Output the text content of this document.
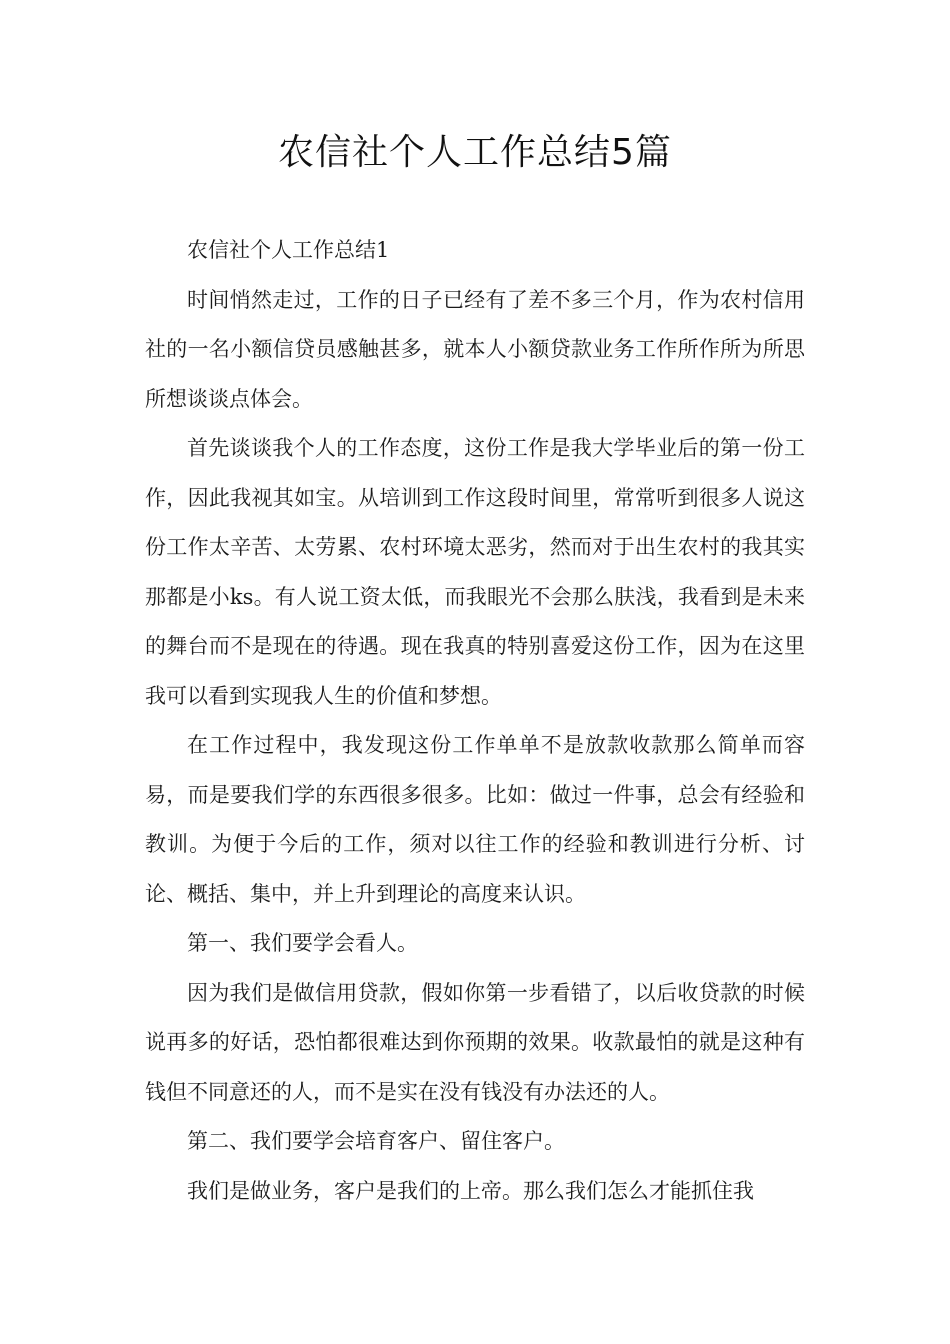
农信社个人工作总结5篇

农信社个人工作总结1

时间悄然走过，工作的日子已经有了差不多三个月，作为农村信用社的一名小额信贷员感触甚多，就本人小额贷款业务工作所作所为所思所想谈谈点体会。

首先谈谈我个人的工作态度，这份工作是我大学毕业后的第一份工作，因此我视其如宝。从培训到工作这段时间里，常常听到很多人说这份工作太辛苦、太劳累、农村环境太恶劣，然而对于出生农村的我其实那都是小ks。有人说工资太低，而我眼光不会那么肤浅，我看到是未来的舞台而不是现在的待遇。现在我真的特别喜爱这份工作，因为在这里我可以看到实现我人生的价值和梦想。

在工作过程中，我发现这份工作单单不是放款收款那么简单而容易，而是要我们学的东西很多很多。比如：做过一件事，总会有经验和教训。为便于今后的工作，须对以往工作的经验和教训进行分析、讨论、概括、集中，并上升到理论的高度来认识。

第一、我们要学会看人。

因为我们是做信用贷款，假如你第一步看错了，以后收贷款的时候说再多的好话，恐怕都很难达到你预期的效果。收款最怕的就是这种有钱但不同意还的人，而不是实在没有钱没有办法还的人。

第二、我们要学会培育客户、留住客户。

我们是做业务，客户是我们的上帝。那么我们怎么才能抓住我
